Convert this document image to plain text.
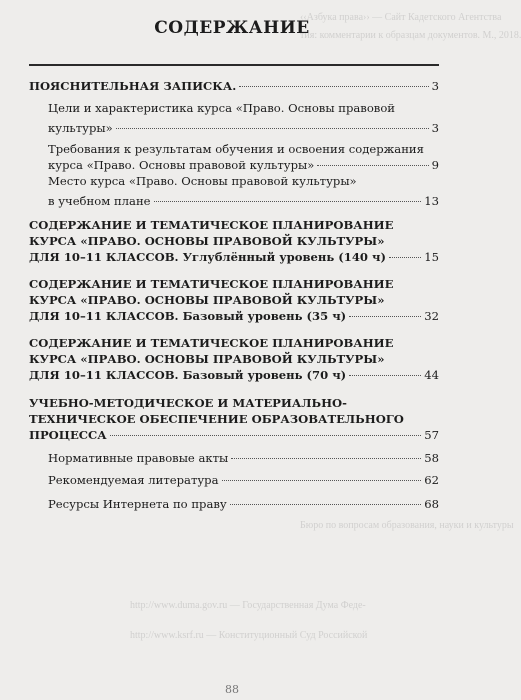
‹‹Азбука права›› — Сайт Кадетского Агентства
тия: комментарии к образцам документов. М., 2018.
Бюро по вопросам образования, науки и культуры
http://www.duma.gov.ru — Государственная Дума Феде-
http://www.ksrf.ru — Конституционный Суд Российской
СОДЕРЖАНИЕ
ПОЯСНИТЕЛЬНАЯ ЗАПИСКА.	3
Цели и характеристика курса «Право. Основы правовой
культуры»	3
Требования к результатам обучения и освоения содержания
курса «Право. Основы правовой культуры»	9
Место курса «Право. Основы правовой культуры»
в учебном плане	13
СОДЕРЖАНИЕ И ТЕМАТИЧЕСКОЕ ПЛАНИРОВАНИЕ
КУРСА «ПРАВО. ОСНОВЫ ПРАВОВОЙ КУЛЬТУРЫ»
ДЛЯ 10–11 КЛАССОВ. Углублённый уровень (140 ч)	15
СОДЕРЖАНИЕ И ТЕМАТИЧЕСКОЕ ПЛАНИРОВАНИЕ
КУРСА «ПРАВО. ОСНОВЫ ПРАВОВОЙ КУЛЬТУРЫ»
ДЛЯ 10–11 КЛАССОВ. Базовый уровень (35 ч)	32
СОДЕРЖАНИЕ И ТЕМАТИЧЕСКОЕ ПЛАНИРОВАНИЕ
КУРСА «ПРАВО. ОСНОВЫ ПРАВОВОЙ КУЛЬТУРЫ»
ДЛЯ 10–11 КЛАССОВ. Базовый уровень (70 ч)	44
УЧЕБНО-МЕТОДИЧЕСКОЕ И МАТЕРИАЛЬНО-
ТЕХНИЧЕСКОЕ ОБЕСПЕЧЕНИЕ ОБРАЗОВАТЕЛЬНОГО
ПРОЦЕССА	57
Нормативные правовые акты	58
Рекомендуемая литература	62
Ресурсы Интернета по праву	68
88
